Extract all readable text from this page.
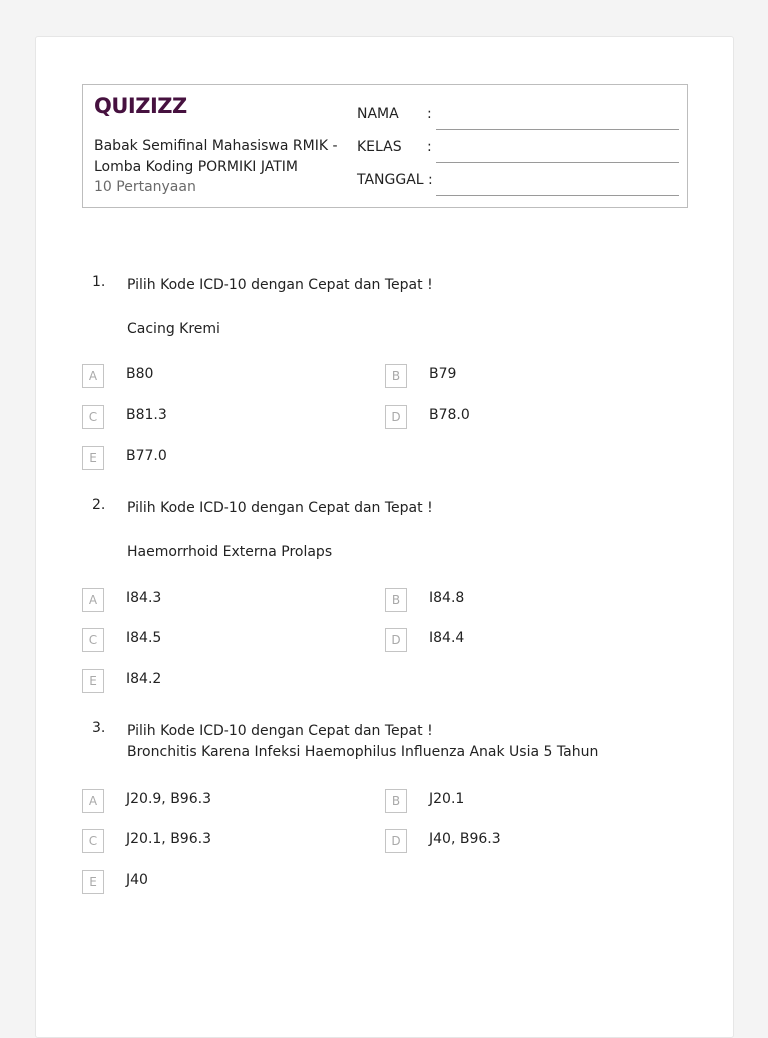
QUIZIZZ
Babak Semifinal Mahasiswa RMIK - Lomba Koding PORMIKI JATIM
10 Pertanyaan
NAMA :
KELAS :
TANGGAL :
1. Pilih Kode ICD-10 dengan Cepat dan Tepat !
Cacing Kremi
A	B80	B	B79
C	B81.3	D	B78.0
E	B77.0
2. Pilih Kode ICD-10 dengan Cepat dan Tepat !
Haemorrhoid Externa Prolaps
A	I84.3	B	I84.8
C	I84.5	D	I84.4
E	I84.2
3. Pilih Kode ICD-10 dengan Cepat dan Tepat !
Bronchitis Karena Infeksi Haemophilus Influenza Anak Usia 5 Tahun
A	J20.9, B96.3	B	J20.1
C	J20.1, B96.3	D	J40, B96.3
E	J40
